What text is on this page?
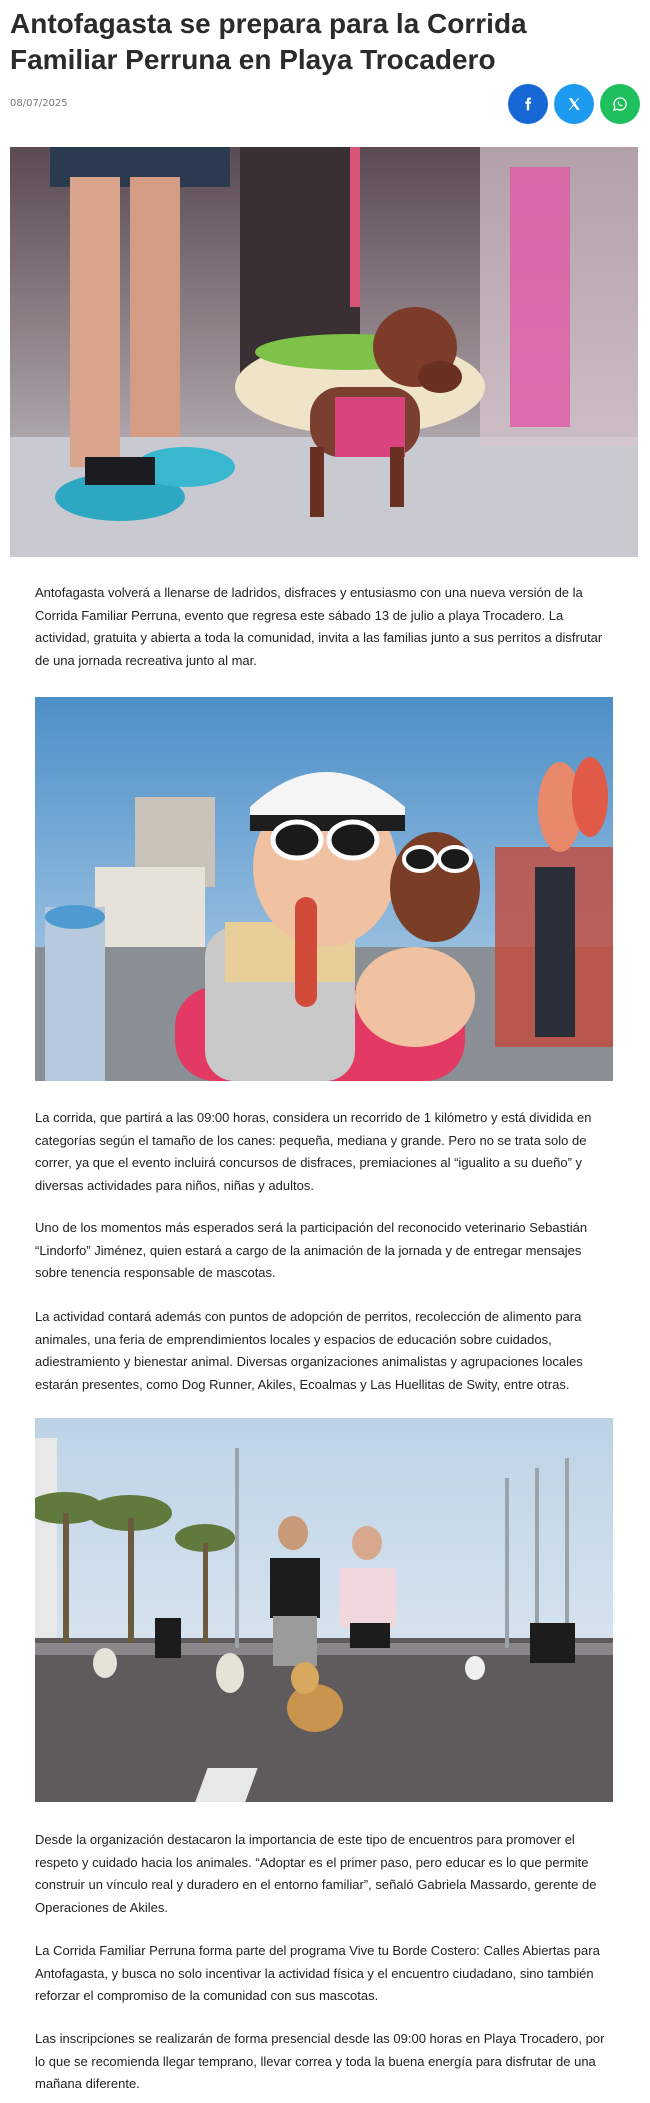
Antofagasta se prepara para la Corrida Familiar Perruna en Playa Trocadero
08/07/2025

Antofagasta volverá a llenarse de ladridos, disfraces y entusiasmo con una nueva versión de la Corrida Familiar Perruna, evento que regresa este sábado 13 de julio a playa Trocadero. La actividad, gratuita y abierta a toda la comunidad, invita a las familias junto a sus perritos a disfrutar de una jornada recreativa junto al mar.

La corrida, que partirá a las 09:00 horas, considera un recorrido de 1 kilómetro y está dividida en categorías según el tamaño de los canes: pequeña, mediana y grande. Pero no se trata solo de correr, ya que el evento incluirá concursos de disfraces, premiaciones al “igualito a su dueño” y diversas actividades para niños, niñas y adultos.

Uno de los momentos más esperados será la participación del reconocido veterinario Sebastián “Lindorfo” Jiménez, quien estará a cargo de la animación de la jornada y de entregar mensajes sobre tenencia responsable de mascotas.

La actividad contará además con puntos de adopción de perritos, recolección de alimento para animales, una feria de emprendimientos locales y espacios de educación sobre cuidados, adiestramiento y bienestar animal. Diversas organizaciones animalistas y agrupaciones locales estarán presentes, como Dog Runner, Akiles, Ecoalmas y Las Huellitas de Swity, entre otras.

Desde la organización destacaron la importancia de este tipo de encuentros para promover el respeto y cuidado hacia los animales. “Adoptar es el primer paso, pero educar es lo que permite construir un vínculo real y duradero en el entorno familiar”, señaló Gabriela Massardo, gerente de Operaciones de Akiles.

La Corrida Familiar Perruna forma parte del programa Vive tu Borde Costero: Calles Abiertas para Antofagasta, y busca no solo incentivar la actividad física y el encuentro ciudadano, sino también reforzar el compromiso de la comunidad con sus mascotas.

Las inscripciones se realizarán de forma presencial desde las 09:00 horas en Playa Trocadero, por lo que se recomienda llegar temprano, llevar correa y toda la buena energía para disfrutar de una mañana diferente.
